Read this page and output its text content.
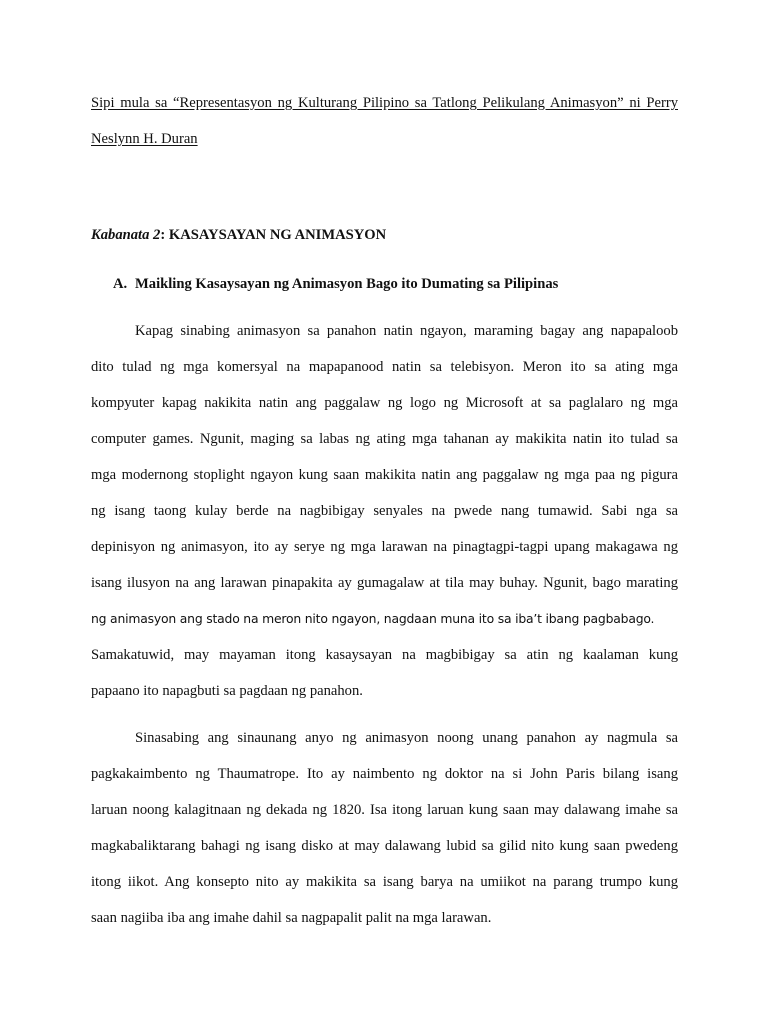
Sipi mula sa “Representasyon ng Kulturang Pilipino sa Tatlong Pelikulang Animasyon” ni Perry
Neslynn H. Duran
Kabanata 2: KASAYSAYAN NG ANIMASYON
A. Maikling Kasaysayan ng Animasyon Bago ito Dumating sa Pilipinas
Kapag sinabing animasyon sa panahon natin ngayon, maraming bagay ang napapaloob
dito tulad ng mga komersyal na mapapanood natin sa telebisyon. Meron ito sa ating mga
kompyuter kapag nakikita natin ang paggalaw ng logo ng Microsoft at sa paglalaro ng mga
computer games. Ngunit, maging sa labas ng ating mga tahanan ay makikita natin ito tulad sa
mga modernong stoplight ngayon kung saan makikita natin ang paggalaw ng mga paa ng pigura
ng isang taong kulay berde na nagbibigay senyales na pwede nang tumawid. Sabi nga sa
depinisyon ng animasyon, ito ay serye ng mga larawan na pinagtagpi-tagpi upang makagawa ng
isang ilusyon na ang larawan pinapakita ay gumagalaw at tila may buhay. Ngunit, bago marating
ng animasyon ang stado na meron nito ngayon, nagdaan muna ito sa iba’t ibang pagbabago.
Samakatuwid, may mayaman itong kasaysayan na magbibigay sa atin ng kaalaman kung
papaano ito napagbuti sa pagdaan ng panahon.
Sinasabing ang sinaunang anyo ng animasyon noong unang panahon ay nagmula sa
pagkakaimbento ng Thaumatrope. Ito ay naimbento ng doktor na si John Paris bilang isang
laruan noong kalagitnaan ng dekada ng 1820. Isa itong laruan kung saan may dalawang imahe sa
magkabaliktarang bahagi ng isang disko at may dalawang lubid sa gilid nito kung saan pwedeng
itong iikot. Ang konsepto nito ay makikita sa isang barya na umiikot na parang trumpo kung
saan nagiiba iba ang imahe dahil sa nagpapalit palit na mga larawan.
